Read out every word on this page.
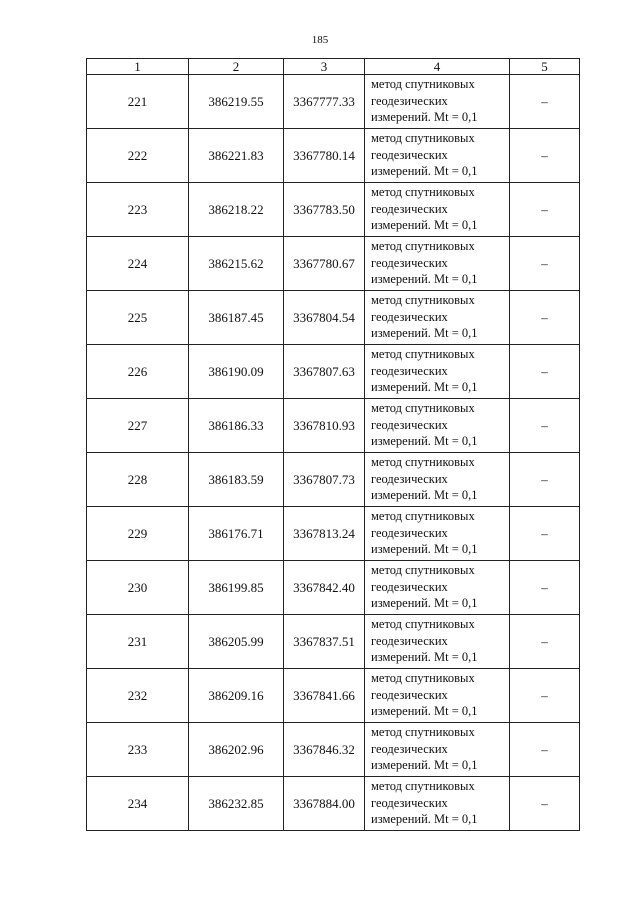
185
1	2	3	4	5
221	386219.55	3367777.33	метод спутниковых
геодезических
измерений. Mt = 0,1	–
222	386221.83	3367780.14	метод спутниковых
геодезических
измерений. Mt = 0,1	–
223	386218.22	3367783.50	метод спутниковых
геодезических
измерений. Mt = 0,1	–
224	386215.62	3367780.67	метод спутниковых
геодезических
измерений. Mt = 0,1	–
225	386187.45	3367804.54	метод спутниковых
геодезических
измерений. Mt = 0,1	–
226	386190.09	3367807.63	метод спутниковых
геодезических
измерений. Mt = 0,1	–
227	386186.33	3367810.93	метод спутниковых
геодезических
измерений. Mt = 0,1	–
228	386183.59	3367807.73	метод спутниковых
геодезических
измерений. Mt = 0,1	–
229	386176.71	3367813.24	метод спутниковых
геодезических
измерений. Mt = 0,1	–
230	386199.85	3367842.40	метод спутниковых
геодезических
измерений. Mt = 0,1	–
231	386205.99	3367837.51	метод спутниковых
геодезических
измерений. Mt = 0,1	–
232	386209.16	3367841.66	метод спутниковых
геодезических
измерений. Mt = 0,1	–
233	386202.96	3367846.32	метод спутниковых
геодезических
измерений. Mt = 0,1	–
234	386232.85	3367884.00	метод спутниковых
геодезических
измерений. Mt = 0,1	–
